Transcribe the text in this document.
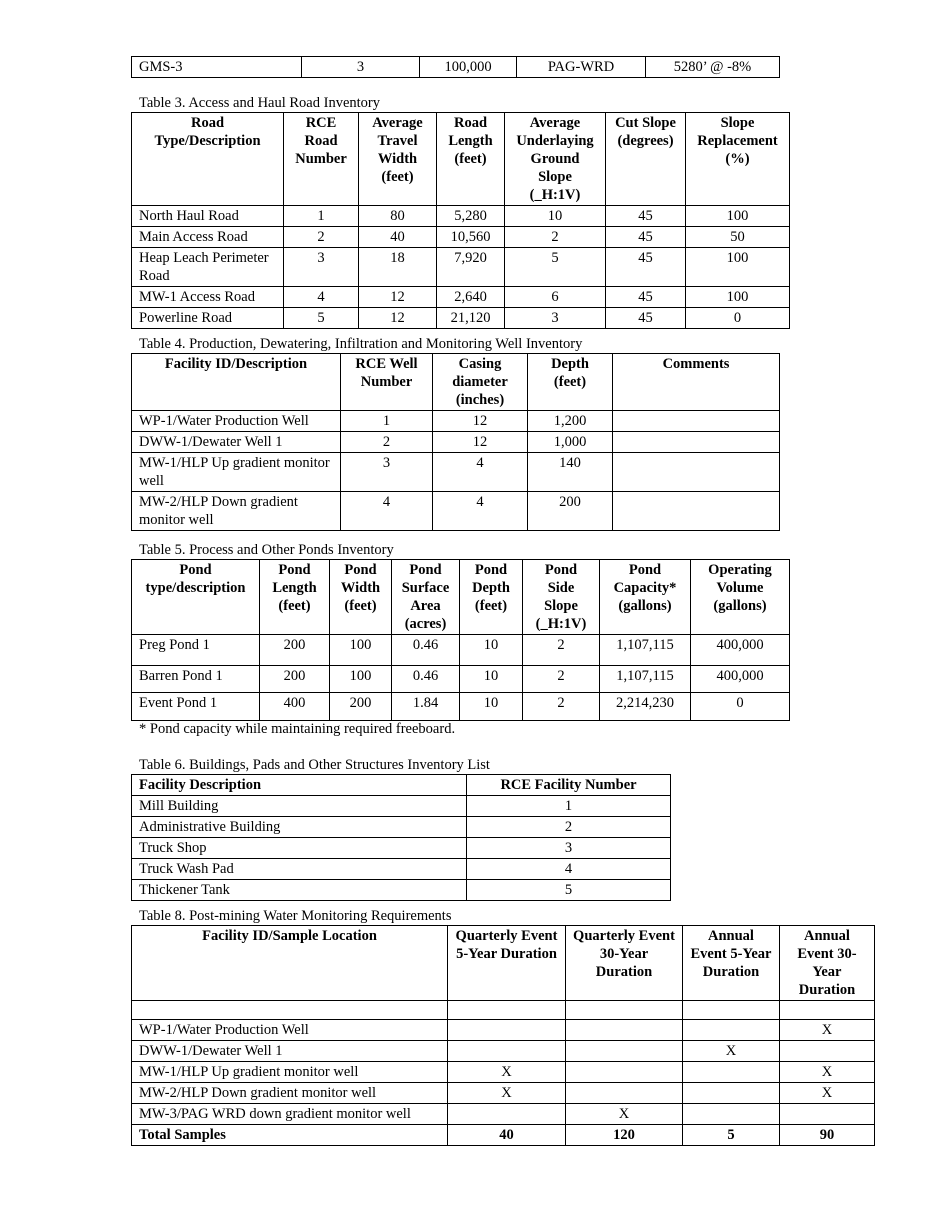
GMS-3	3	100,000	PAG-WRD	5280’ @ -8%
Table 3. Access and Haul Road Inventory
Road Type/Description	RCE Road Number	Average Travel Width (feet)	Road Length (feet)	Average Underlaying Ground Slope (_H:1V)	Cut Slope (degrees)	Slope Replacement (%)
North Haul Road	1	80	5,280	10	45	100
Main Access Road	2	40	10,560	2	45	50
Heap Leach Perimeter Road	3	18	7,920	5	45	100
MW-1 Access Road	4	12	2,640	6	45	100
Powerline Road	5	12	21,120	3	45	0
Table 4. Production, Dewatering, Infiltration and Monitoring Well Inventory
Facility ID/Description	RCE Well Number	Casing diameter (inches)	Depth (feet)	Comments
WP-1/Water Production Well	1	12	1,200	
DWW-1/Dewater Well 1	2	12	1,000	
MW-1/HLP Up gradient monitor well	3	4	140	
MW-2/HLP Down gradient monitor well	4	4	200	
Table 5. Process and Other Ponds Inventory
Pond type/description	Pond Length (feet)	Pond Width (feet)	Pond Surface Area (acres)	Pond Depth (feet)	Pond Side Slope (_H:1V)	Pond Capacity* (gallons)	Operating Volume (gallons)
Preg Pond 1	200	100	0.46	10	2	1,107,115	400,000
Barren Pond 1	200	100	0.46	10	2	1,107,115	400,000
Event Pond 1	400	200	1.84	10	2	2,214,230	0
* Pond capacity while maintaining required freeboard.
Table 6. Buildings, Pads and Other Structures Inventory List
Facility Description	RCE Facility Number
Mill Building	1
Administrative Building	2
Truck Shop	3
Truck Wash Pad	4
Thickener Tank	5
Table 8. Post-mining Water Monitoring Requirements
Facility ID/Sample Location	Quarterly Event 5-Year Duration	Quarterly Event 30-Year Duration	Annual Event 5-Year Duration	Annual Event 30-Year Duration

WP-1/Water Production Well				X
DWW-1/Dewater Well 1			X	
MW-1/HLP Up gradient monitor well	X			X
MW-2/HLP Down gradient monitor well	X			X
MW-3/PAG WRD down gradient monitor well		X		
Total Samples	40	120	5	90
